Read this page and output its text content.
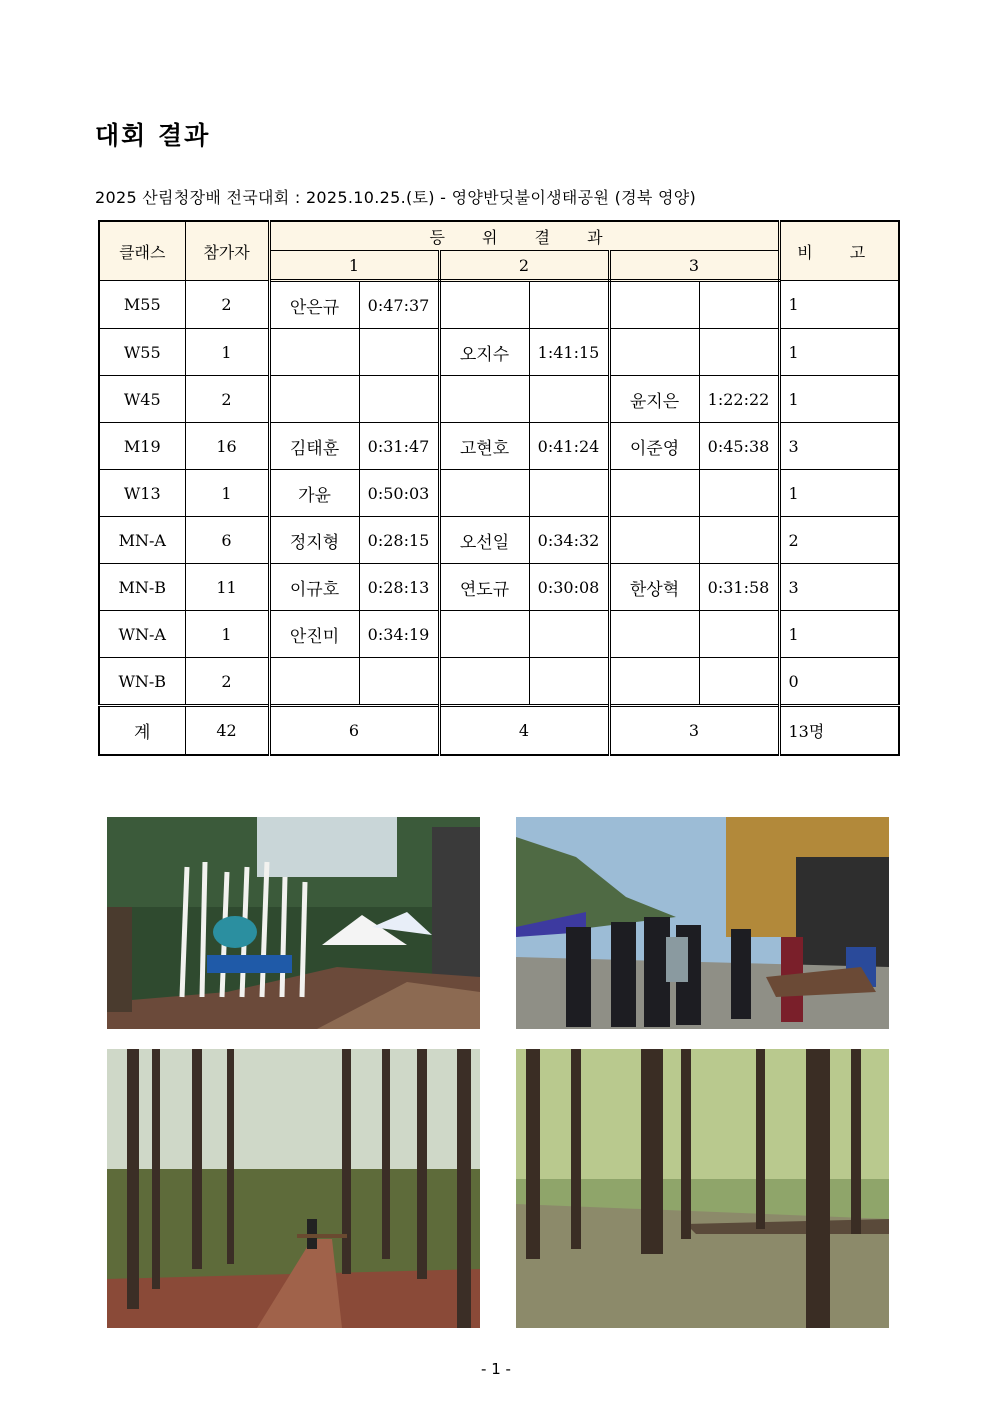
대회 결과
2025 산림청장배 전국대회 : 2025.10.25.(토) - 영양반딧불이생태공원 (경북 영양)
클래스	참가자	등 위 결 과						비 고
		1		2		3		
M55	2	안은규	0:47:37					1
W55	1			오지수	1:41:15			1
W45	2					윤지은	1:22:22	1
M19	16	김태훈	0:31:47	고현호	0:41:24	이준영	0:45:38	3
W13	1	가윤	0:50:03					1
MN-A	6	정지형	0:28:15	오선일	0:34:32			2
MN-B	11	이규호	0:28:13	연도규	0:30:08	한상혁	0:31:58	3
WN-A	1	안진미	0:34:19					1
WN-B	2							0
계	42	6		4		3		13명
- 1 -
